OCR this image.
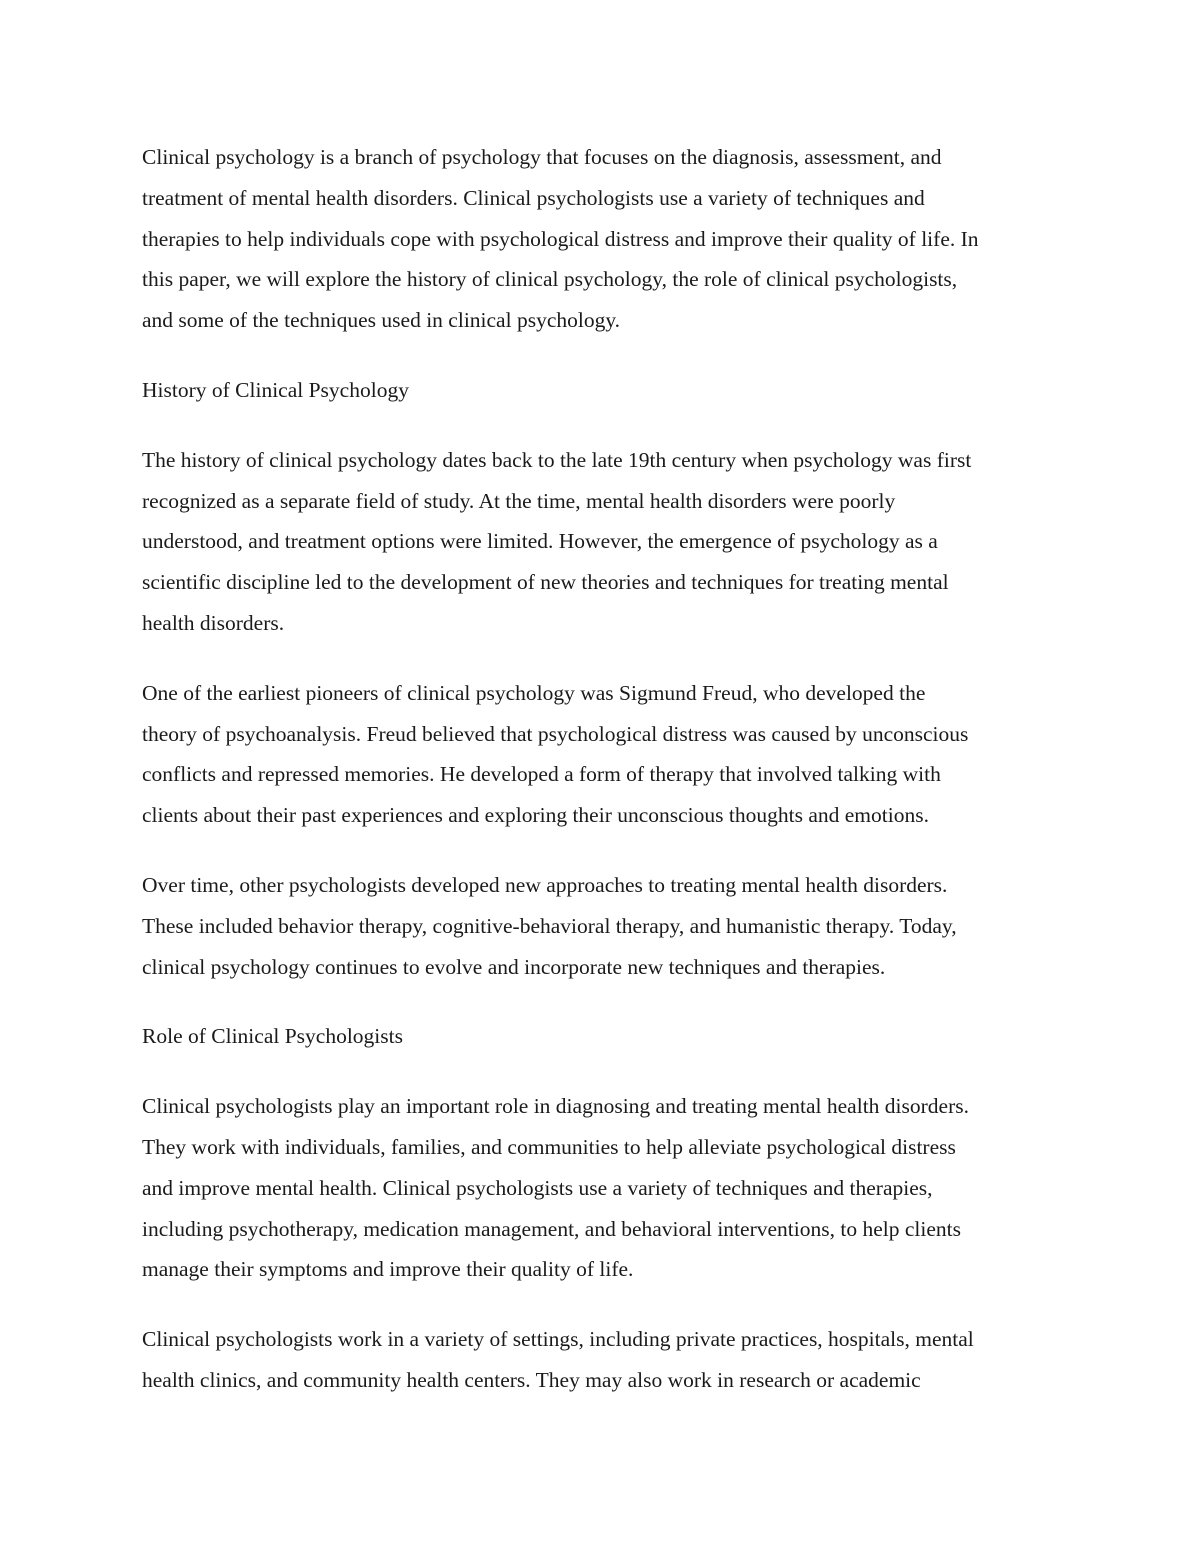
Clinical psychology is a branch of psychology that focuses on the diagnosis, assessment, and
treatment of mental health disorders. Clinical psychologists use a variety of techniques and
therapies to help individuals cope with psychological distress and improve their quality of life. In
this paper, we will explore the history of clinical psychology, the role of clinical psychologists,
and some of the techniques used in clinical psychology.

History of Clinical Psychology

The history of clinical psychology dates back to the late 19th century when psychology was first
recognized as a separate field of study. At the time, mental health disorders were poorly
understood, and treatment options were limited. However, the emergence of psychology as a
scientific discipline led to the development of new theories and techniques for treating mental
health disorders.

One of the earliest pioneers of clinical psychology was Sigmund Freud, who developed the
theory of psychoanalysis. Freud believed that psychological distress was caused by unconscious
conflicts and repressed memories. He developed a form of therapy that involved talking with
clients about their past experiences and exploring their unconscious thoughts and emotions.

Over time, other psychologists developed new approaches to treating mental health disorders.
These included behavior therapy, cognitive-behavioral therapy, and humanistic therapy. Today,
clinical psychology continues to evolve and incorporate new techniques and therapies.

Role of Clinical Psychologists

Clinical psychologists play an important role in diagnosing and treating mental health disorders.
They work with individuals, families, and communities to help alleviate psychological distress
and improve mental health. Clinical psychologists use a variety of techniques and therapies,
including psychotherapy, medication management, and behavioral interventions, to help clients
manage their symptoms and improve their quality of life.

Clinical psychologists work in a variety of settings, including private practices, hospitals, mental
health clinics, and community health centers. They may also work in research or academic
